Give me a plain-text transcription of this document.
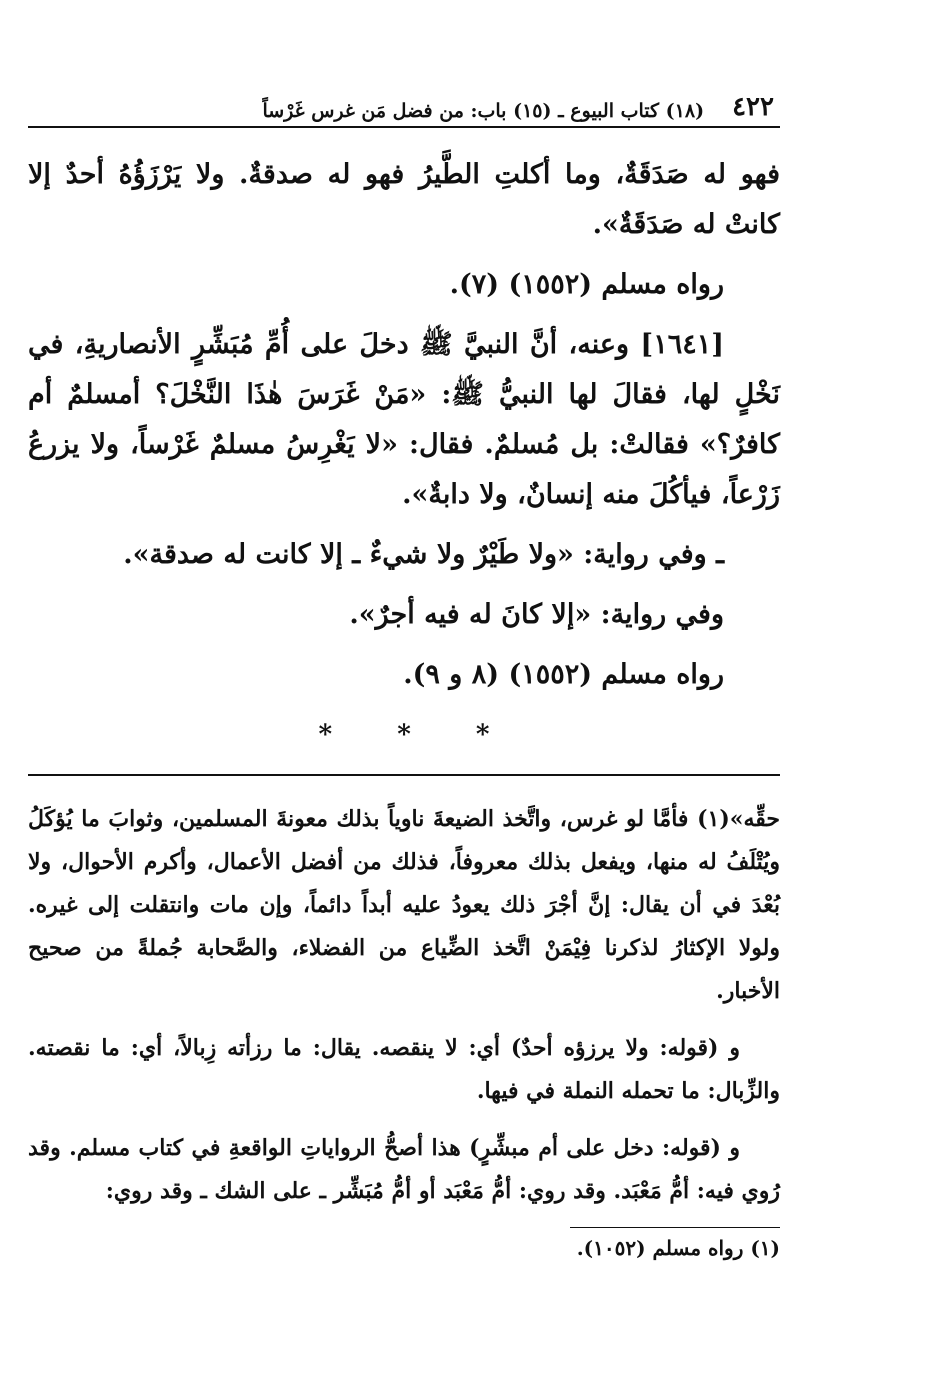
٤٢٢
(١٨) كتاب البيوع ـ (١٥) باب: من فضل مَن غرس غَرْساً

فهو له صَدَقَةٌ، وما أكلتِ الطَّيرُ فهو له صدقةٌ. ولا يَرْزَؤُهُ أحدٌ إلا كانتْ له صَدَقَةٌ».

رواه مسلم (١٥٥٢) (٧).

[١٦٤١] وعنه، أنَّ النبيَّ ﷺ دخلَ على أُمِّ مُبَشِّرٍ الأنصاريةِ، في نَخْلٍ لها، فقالَ لها النبيُّ ﷺ: «مَنْ غَرَسَ هٰذَا النَّخْلَ؟ أمسلمٌ أم كافرٌ؟» فقالتْ: بل مُسلمٌ. فقال: «لا يَغْرِسُ مسلمٌ غَرْساً، ولا يزرعُ زَرْعاً، فيأكُلَ منه إنسانٌ، ولا دابةٌ».

ـ وفي رواية: «ولا طَيْرٌ ولا شيءٌ ـ إلا كانت له صدقة».

وفي رواية: «إلا كانَ له فيه أجرٌ».

رواه مسلم (١٥٥٢) (٨ و ٩).

*	*	*

حقِّه»(١) فأمَّا لو غرس، واتَّخذ الضيعةَ ناوياً بذلك معونةَ المسلمين، وثوابَ ما يُؤكَلُ ويُتْلَفُ له منها، ويفعل بذلك معروفاً، فذلك من أفضل الأعمال، وأكرم الأحوال، ولا بُعْدَ في أن يقال: إنَّ أجْرَ ذلك يعودُ عليه أبداً دائماً، وإن مات وانتقلت إلى غيره. ولولا الإكثارُ لذكرنا فِيْمَنْ اتَّخذ الضِّياع من الفضلاء، والصَّحابة جُملةً من صحيح الأخبار.

و (قوله: ولا يرزؤه أحدٌ) أي: لا ينقصه. يقال: ما رزأته زِبالاً، أي: ما نقصته. والزِّبال: ما تحمله النملة في فيها.

و (قوله: دخل على أم مبشِّرٍ) هذا أصحُّ الرواياتِ الواقعةِ في كتاب مسلم. وقد رُوي فيه: أمُّ مَعْبَد. وقد روي: أمُّ مَعْبَد أو أمُّ مُبَشِّر ـ على الشك ـ وقد روي:

(١) رواه مسلم (١٠٥٢).
